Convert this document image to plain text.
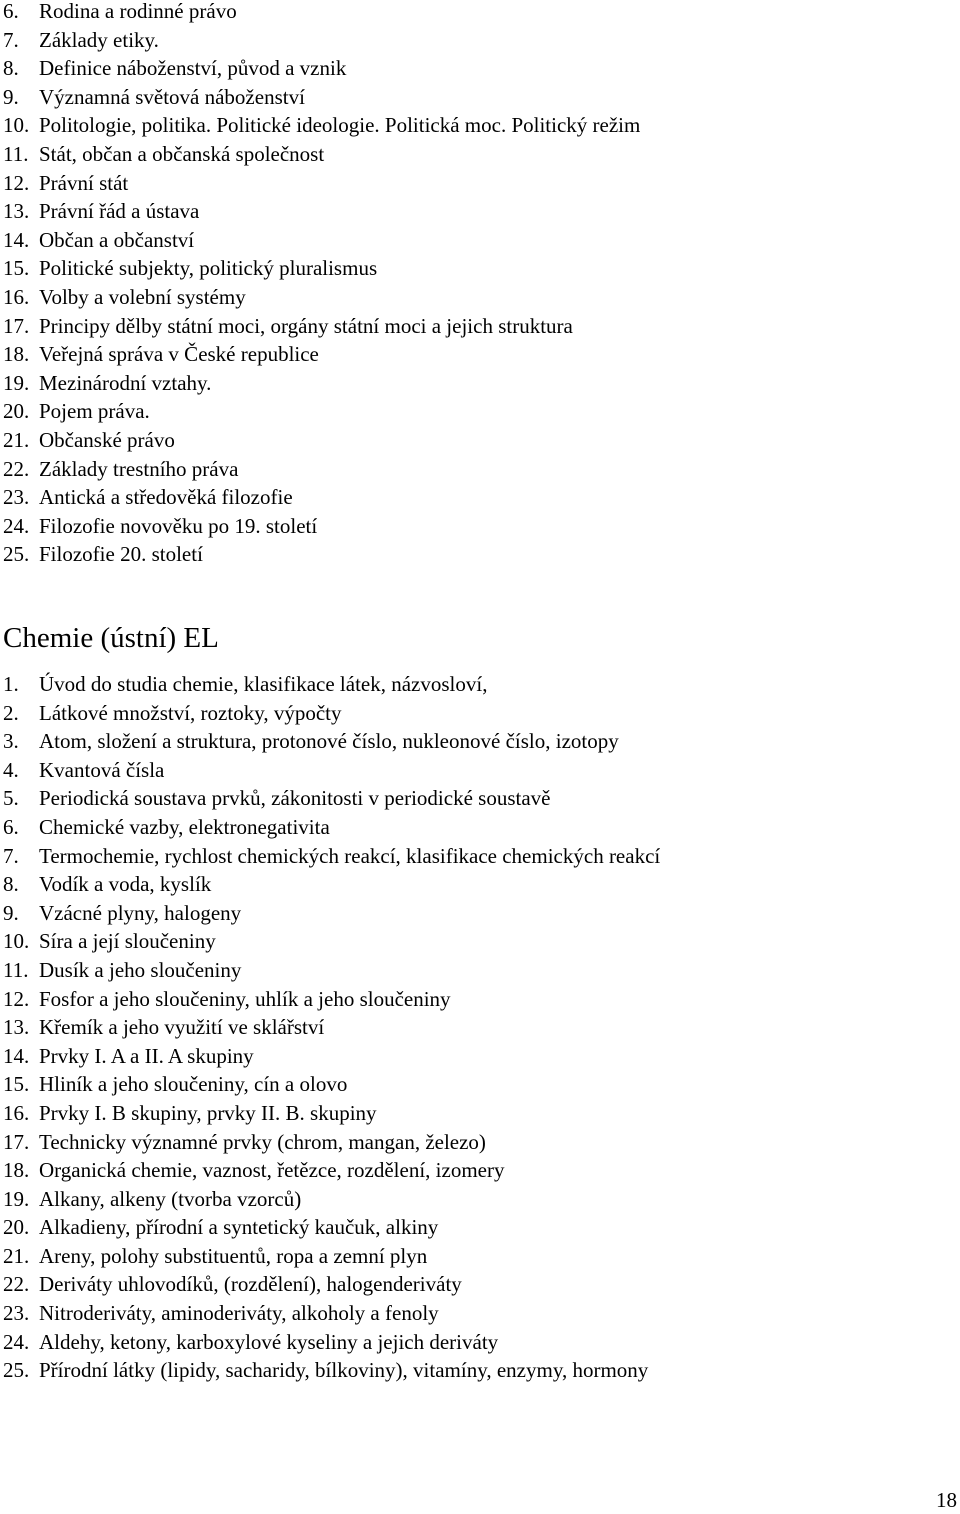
6. Rodina a rodinné právo
7. Základy etiky.
8. Definice náboženství, původ a vznik
9. Významná světová náboženství
10. Politologie, politika. Politické ideologie. Politická moc. Politický režim
11. Stát, občan a občanská společnost
12. Právní stát
13. Právní řád a ústava
14. Občan a občanství
15. Politické subjekty, politický pluralismus
16. Volby a volební systémy
17. Principy dělby státní moci, orgány státní moci a jejich struktura
18. Veřejná správa v České republice
19. Mezinárodní vztahy.
20. Pojem práva.
21. Občanské právo
22. Základy trestního práva
23. Antická a středověká filozofie
24. Filozofie novověku po 19. století
25. Filozofie 20. století
Chemie (ústní) EL
1. Úvod do studia chemie, klasifikace látek, názvosloví,
2. Látkové množství, roztoky, výpočty
3. Atom, složení a struktura, protonové číslo, nukleonové číslo, izotopy
4. Kvantová čísla
5. Periodická soustava prvků, zákonitosti v periodické soustavě
6. Chemické vazby, elektronegativita
7. Termochemie, rychlost chemických reakcí, klasifikace chemických reakcí
8. Vodík a voda, kyslík
9. Vzácné plyny, halogeny
10. Síra a její sloučeniny
11. Dusík a jeho sloučeniny
12. Fosfor a jeho sloučeniny, uhlík a jeho sloučeniny
13. Křemík a jeho využití ve sklářství
14. Prvky I. A a II. A skupiny
15. Hliník a jeho sloučeniny, cín a olovo
16. Prvky I. B skupiny, prvky II. B. skupiny
17. Technicky významné prvky (chrom, mangan, železo)
18. Organická chemie, vaznost, řetězce, rozdělení, izomery
19. Alkany, alkeny (tvorba vzorců)
20. Alkadieny, přírodní a syntetický kaučuk, alkiny
21. Areny, polohy substituentů, ropa a zemní plyn
22. Deriváty uhlovodíků, (rozdělení), halogenderiváty
23. Nitroderiváty, aminoderiváty, alkoholy a fenoly
24. Aldehy, ketony, karboxylové kyseliny a jejich deriváty
25. Přírodní látky (lipidy, sacharidy, bílkoviny), vitamíny, enzymy, hormony
18
